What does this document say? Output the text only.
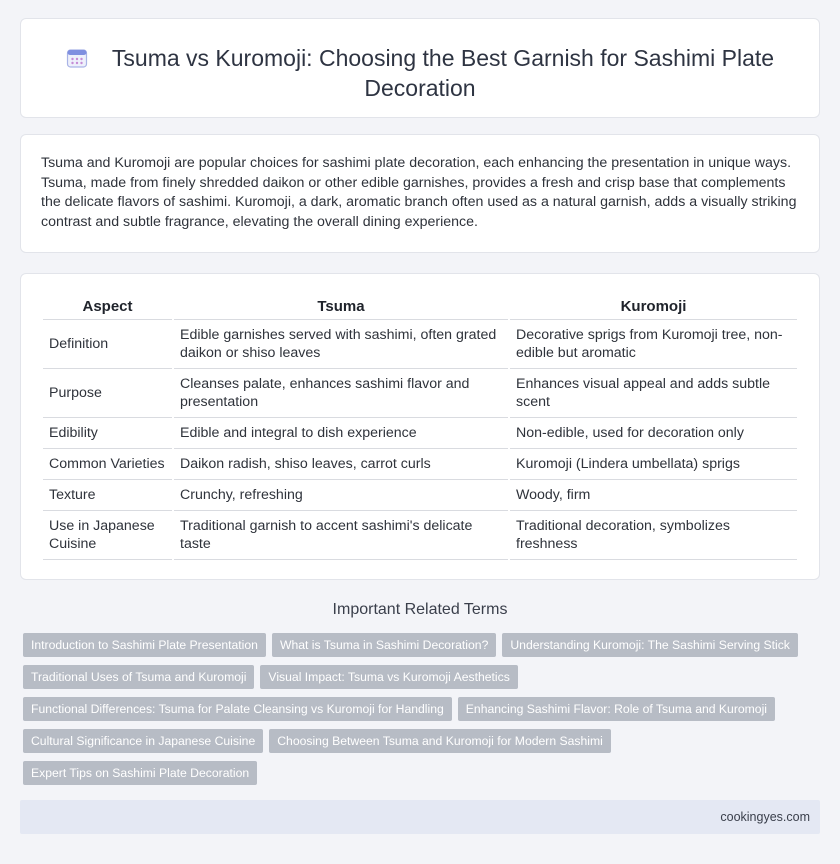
Tsuma vs Kuromoji: Choosing the Best Garnish for Sashimi Plate Decoration

Tsuma and Kuromoji are popular choices for sashimi plate decoration, each enhancing the presentation in unique ways. Tsuma, made from finely shredded daikon or other edible garnishes, provides a fresh and crisp base that complements the delicate flavors of sashimi. Kuromoji, a dark, aromatic branch often used as a natural garnish, adds a visually striking contrast and subtle fragrance, elevating the overall dining experience.

Aspect	Tsuma	Kuromoji
Definition	Edible garnishes served with sashimi, often grated daikon or shiso leaves	Decorative sprigs from Kuromoji tree, non-edible but aromatic
Purpose	Cleanses palate, enhances sashimi flavor and presentation	Enhances visual appeal and adds subtle scent
Edibility	Edible and integral to dish experience	Non-edible, used for decoration only
Common Varieties	Daikon radish, shiso leaves, carrot curls	Kuromoji (Lindera umbellata) sprigs
Texture	Crunchy, refreshing	Woody, firm
Use in Japanese Cuisine	Traditional garnish to accent sashimi's delicate taste	Traditional decoration, symbolizes freshness
Important Related Terms
Introduction to Sashimi Plate Presentation	What is Tsuma in Sashimi Decoration?	Understanding Kuromoji: The Sashimi Serving Stick
Traditional Uses of Tsuma and Kuromoji	Visual Impact: Tsuma vs Kuromoji Aesthetics
Functional Differences: Tsuma for Palate Cleansing vs Kuromoji for Handling	Enhancing Sashimi Flavor: Role of Tsuma and Kuromoji
Cultural Significance in Japanese Cuisine	Choosing Between Tsuma and Kuromoji for Modern Sashimi
Expert Tips on Sashimi Plate Decoration
cookingyes.com
